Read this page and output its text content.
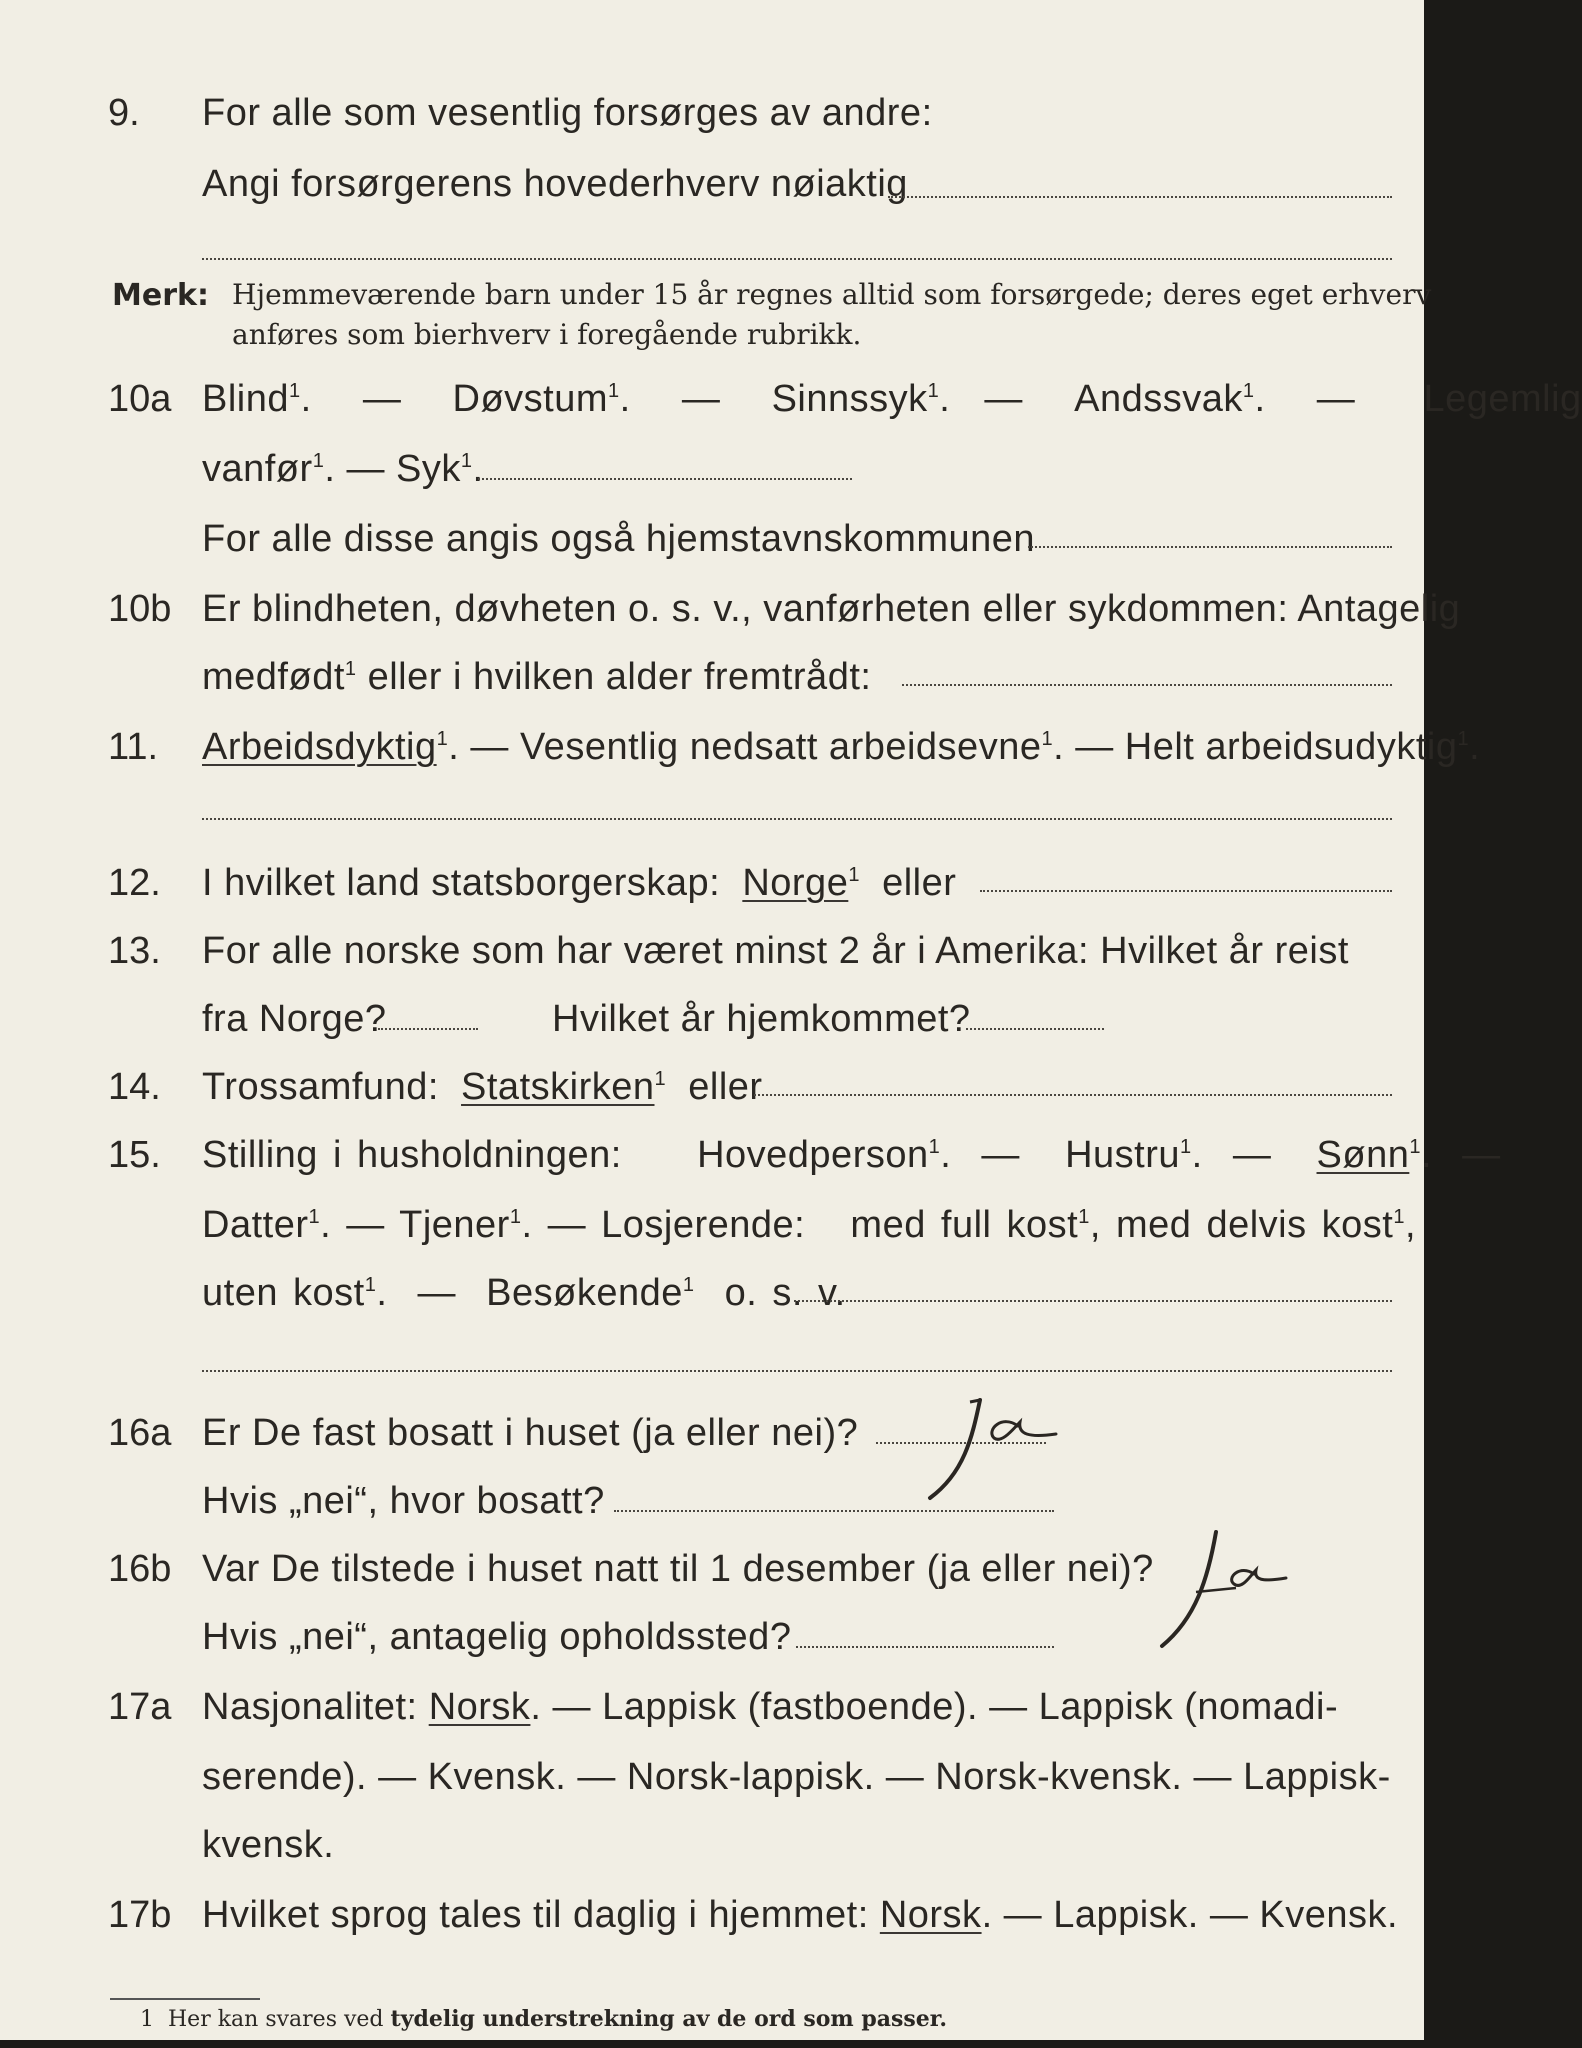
9. For alle som vesentlig forsørges av andre:
Angi forsørgerens hovederhverv nøiaktig
Merk: Hjemmeværende barn under 15 år regnes alltid som forsørgede; deres eget erhverv
anføres som bierhverv i foregående rubrikk.
10a Blind$^1$.   —   Døvstum$^1$.   —   Sinnssyk$^1$.  —   Andssvak$^1$.   —    Legemlig
vanfør$^1$. — Syk$^1$.
For alle disse angis også hjemstavnskommunen
10b Er blindheten, døvheten o. s. v., vanførheten eller sykdommen: Antagelig
medfødt$^1$ eller i hvilken alder fremtrådt:
11. Arbeidsdyktig$^1$. — Vesentlig nedsatt arbeidsevne$^1$. — Helt arbeidsudyktig$^1$.
12. I hvilket land statsborgerskap: Norge$^1$ eller
13. For alle norske som har været minst 2 år i Amerika: Hvilket år reist
fra Norge?	Hvilket år hjemkommet?
14. Trossamfund: Statskirken$^1$ eller
15. Stilling i husholdningen: Hovedperson$^1$.  —   Hustru$^1$.  —   Sønn$^1$.  —
Datter$^1$. — Tjener$^1$. — Losjerende: med full kost$^1$, med delvis kost$^1$,
uten kost$^1$.  —  Besøkende$^1$ o. s. v.
16a Er De fast bosatt i huset (ja eller nei)?
Hvis „nei“, hvor bosatt?
16b Var De tilstede i huset natt til 1 desember (ja eller nei)?
Hvis „nei“, antagelig opholdssted?
17a Nasjonalitet: Norsk. — Lappisk (fastboende). — Lappisk (nomadi-
serende). — Kvensk. — Norsk-lappisk. — Norsk-kvensk. — Lappisk-
kvensk.
17b Hvilket sprog tales til daglig i hjemmet: Norsk. — Lappisk. — Kvensk.
1 Her kan svares ved tydelig understrekning av de ord som passer.
